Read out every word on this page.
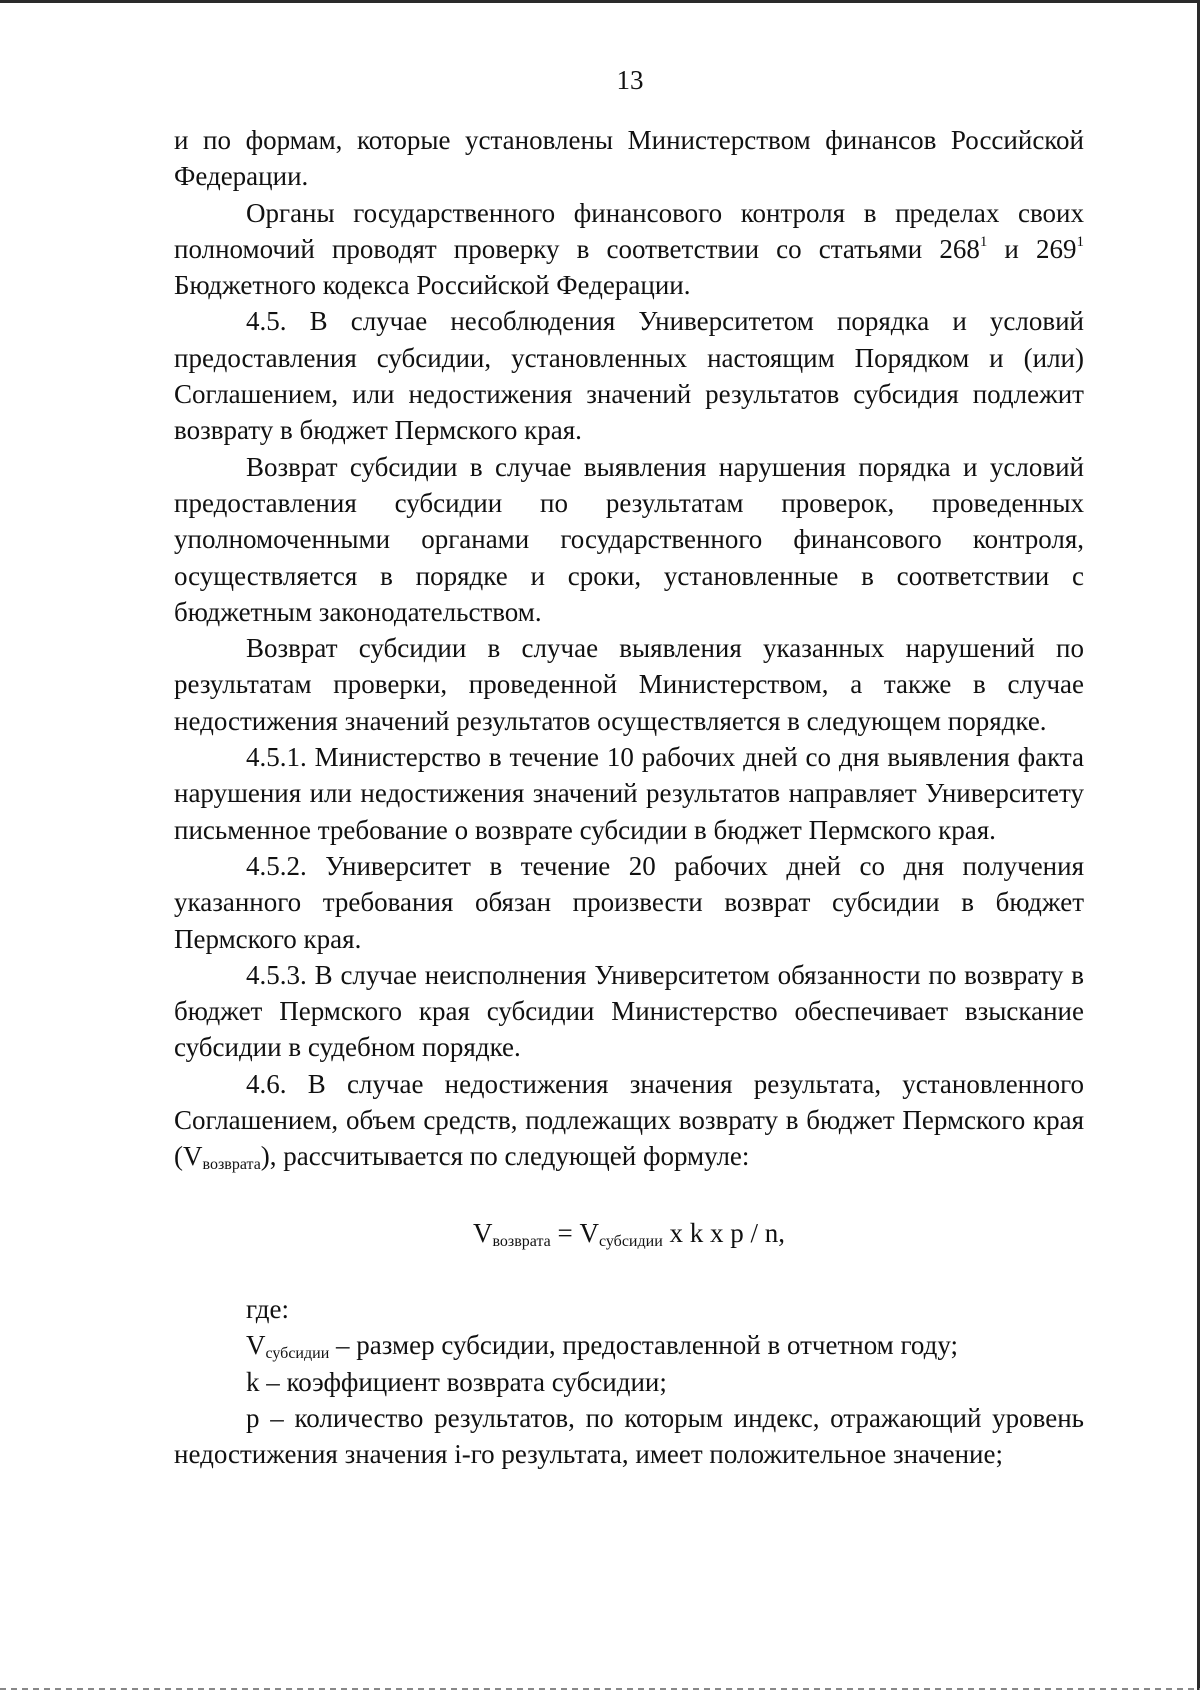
13

и по формам, которые установлены Министерством финансов Российской Федерации.

Органы государственного финансового контроля в пределах своих полномочий проводят проверку в соответствии со статьями $268^1$ и $269^1$ Бюджетного кодекса Российской Федерации.

4.5. В случае несоблюдения Университетом порядка и условий предоставления субсидии, установленных настоящим Порядком и (или) Соглашением, или недостижения значений результатов субсидия подлежит возврату в бюджет Пермского края.

Возврат субсидии в случае выявления нарушения порядка и условий предоставления субсидии по результатам проверок, проведенных уполномоченными органами государственного финансового контроля, осуществляется в порядке и сроки, установленные в соответствии с бюджетным законодательством.

Возврат субсидии в случае выявления указанных нарушений по результатам проверки, проведенной Министерством, а также в случае недостижения значений результатов осуществляется в следующем порядке.

4.5.1. Министерство в течение 10 рабочих дней со дня выявления факта нарушения или недостижения значений результатов направляет Университету письменное требование о возврате субсидии в бюджет Пермского края.

4.5.2. Университет в течение 20 рабочих дней со дня получения указанного требования обязан произвести возврат субсидии в бюджет Пермского края.

4.5.3. В случае неисполнения Университетом обязанности по возврату в бюджет Пермского края субсидии Министерство обеспечивает взыскание субсидии в судебном порядке.

4.6. В случае недостижения значения результата, установленного Соглашением, объем средств, подлежащих возврату в бюджет Пермского края $(V_{возврата})$, рассчитывается по следующей формуле:

$V_{возврата} = V_{субсидии}$ x k x p / n,

где:

$V_{субсидии}$ – размер субсидии, предоставленной в отчетном году;

k – коэффициент возврата субсидии;

p – количество результатов, по которым индекс, отражающий уровень недостижения значения i-го результата, имеет положительное значение;
